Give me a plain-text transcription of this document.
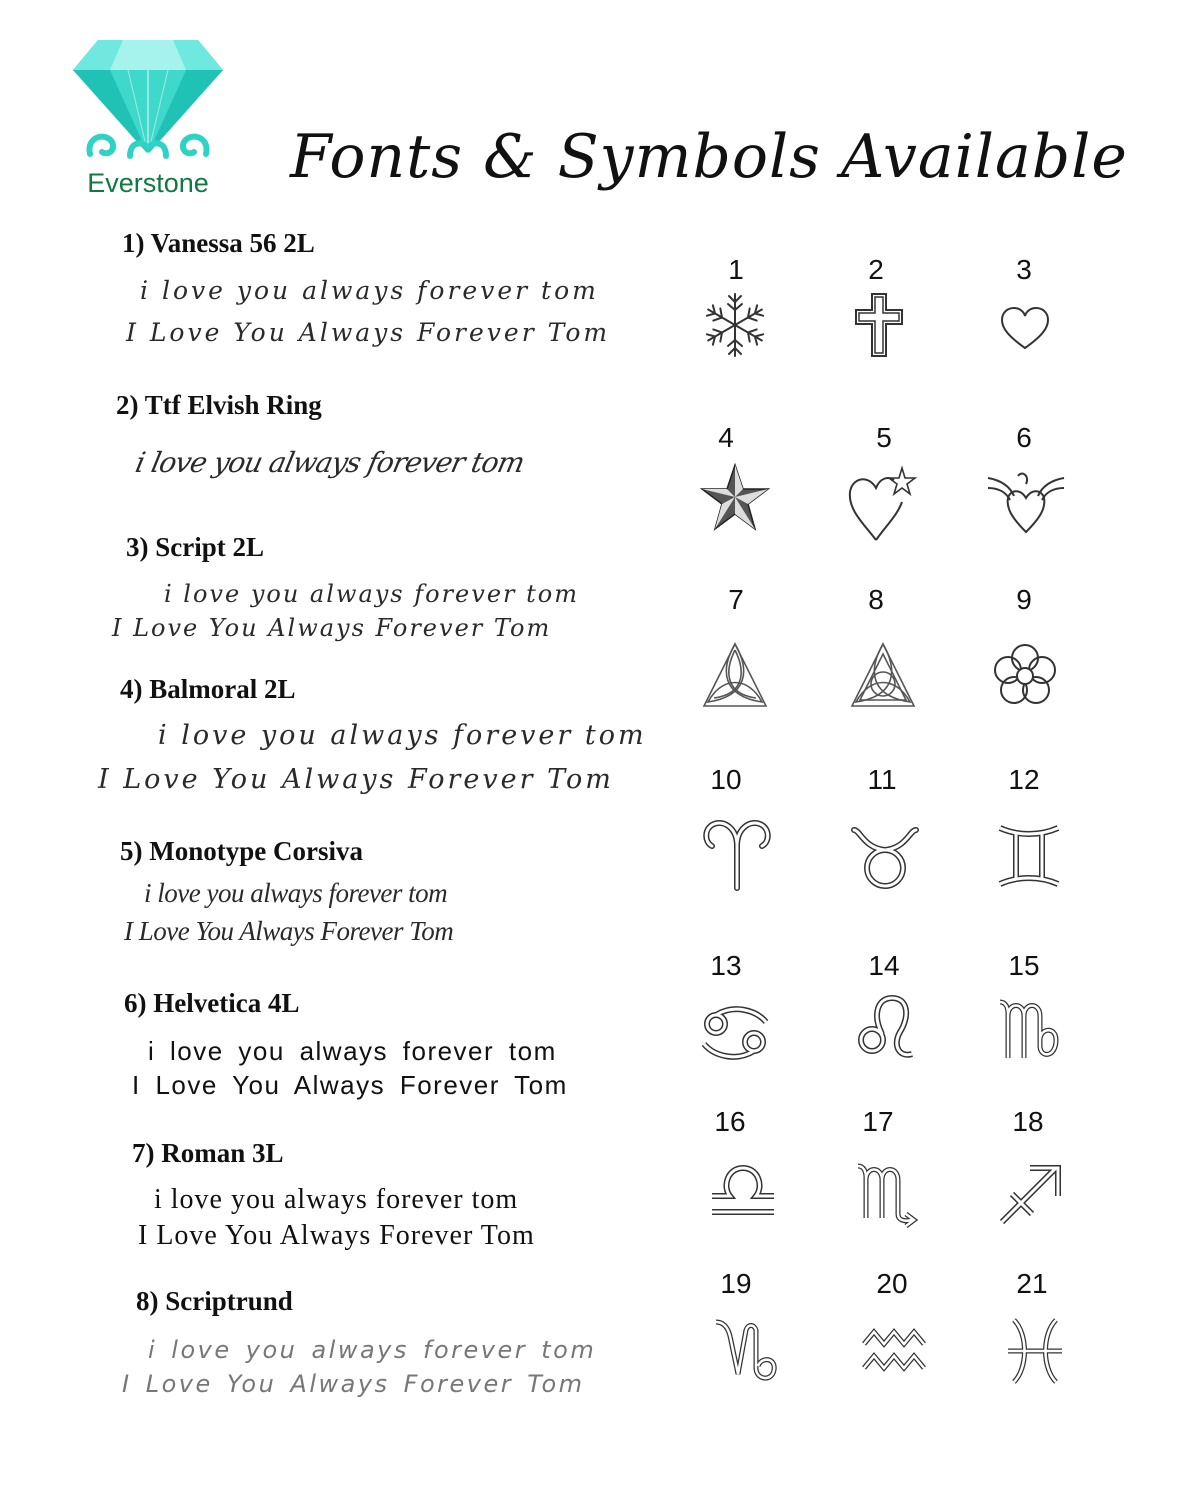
Everstone	Fonts & Symbols Available
1) Vanessa 56 2L
i love you always forever tom
I Love You Always Forever Tom
2) Ttf Elvish Ring
i love you always forever tom
3) Script 2L
i love you always forever tom
I Love You Always Forever Tom
4) Balmoral 2L
i love you always forever tom
I Love You Always Forever Tom
5) Monotype Corsiva
i love you always forever tom
I Love You Always Forever Tom
6) Helvetica 4L
i love you always forever tom
I Love You Always Forever Tom
7) Roman 3L
i love you always forever tom
I Love You Always Forever Tom
8) Scriptrund
i love you always forever tom
I Love You Always Forever Tom
1	2	3
4	5	6
7	8	9
10	11	12
13	14	15
16	17	18
19	20	21
